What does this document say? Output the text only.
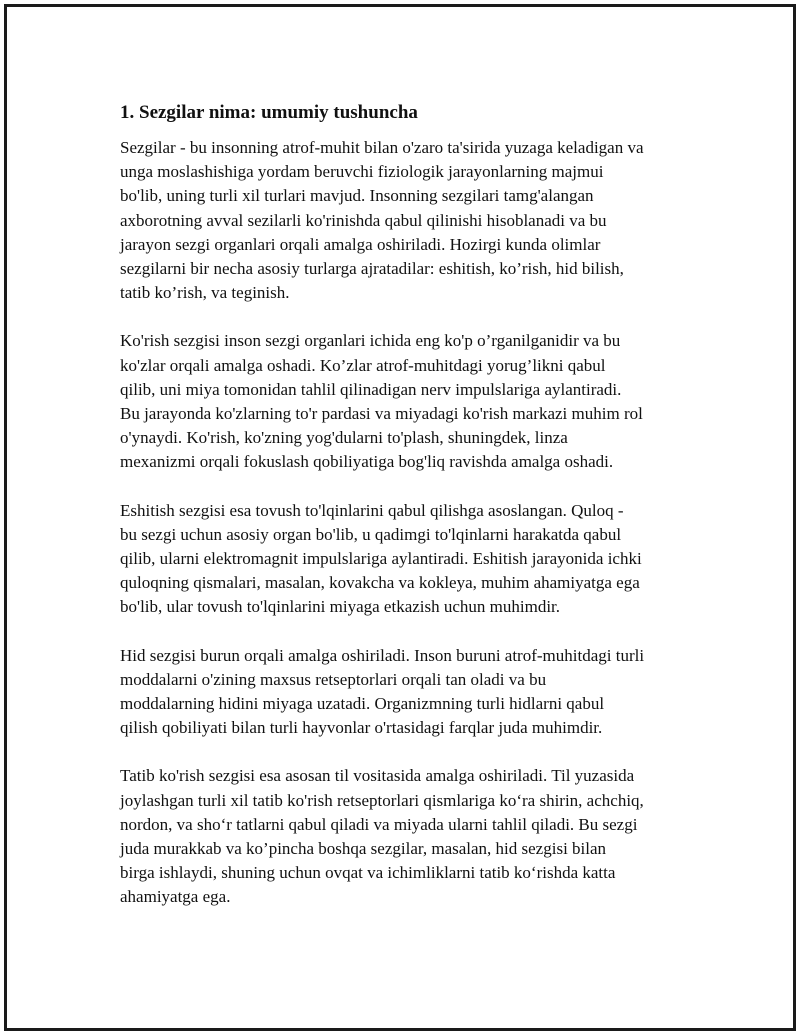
1. Sezgilar nima: umumiy tushuncha

Sezgilar - bu insonning atrof-muhit bilan o'zaro ta'sirida yuzaga keladigan va
unga moslashishiga yordam beruvchi fiziologik jarayonlarning majmui
bo'lib, uning turli xil turlari mavjud. Insonning sezgilari tamg'alangan
axborotning avval sezilarli ko'rinishda qabul qilinishi hisoblanadi va bu
jarayon sezgi organlari orqali amalga oshiriladi. Hozirgi kunda olimlar
sezgilarni bir necha asosiy turlarga ajratadilar: eshitish, ko’rish, hid bilish,
tatib ko’rish, va teginish.

Ko'rish sezgisi inson sezgi organlari ichida eng ko'p o’rganilganidir va bu
ko'zlar orqali amalga oshadi. Ko’zlar atrof-muhitdagi yorug’likni qabul
qilib, uni miya tomonidan tahlil qilinadigan nerv impulslariga aylantiradi.
Bu jarayonda ko'zlarning to'r pardasi va miyadagi ko'rish markazi muhim rol
o'ynaydi. Ko'rish, ko'zning yog'dularni to'plash, shuningdek, linza
mexanizmi orqali fokuslash qobiliyatiga bog'liq ravishda amalga oshadi.

Eshitish sezgisi esa tovush to'lqinlarini qabul qilishga asoslangan. Quloq -
bu sezgi uchun asosiy organ bo'lib, u qadimgi to'lqinlarni harakatda qabul
qilib, ularni elektromagnit impulslariga aylantiradi. Eshitish jarayonida ichki
quloqning qismalari, masalan, kovakcha va kokleya, muhim ahamiyatga ega
bo'lib, ular tovush to'lqinlarini miyaga etkazish uchun muhimdir.

Hid sezgisi burun orqali amalga oshiriladi. Inson buruni atrof-muhitdagi turli
moddalarni o'zining maxsus retseptorlari orqali tan oladi va bu
moddalarning hidini miyaga uzatadi. Organizmning turli hidlarni qabul
qilish qobiliyati bilan turli hayvonlar o'rtasidagi farqlar juda muhimdir.

Tatib ko'rish sezgisi esa asosan til vositasida amalga oshiriladi. Til yuzasida
joylashgan turli xil tatib ko'rish retseptorlari qismlariga ko‘ra shirin, achchiq,
nordon, va sho‘r tatlarni qabul qiladi va miyada ularni tahlil qiladi. Bu sezgi
juda murakkab va ko’pincha boshqa sezgilar, masalan, hid sezgisi bilan
birga ishlaydi, shuning uchun ovqat va ichimliklarni tatib ko‘rishda katta
ahamiyatga ega.
